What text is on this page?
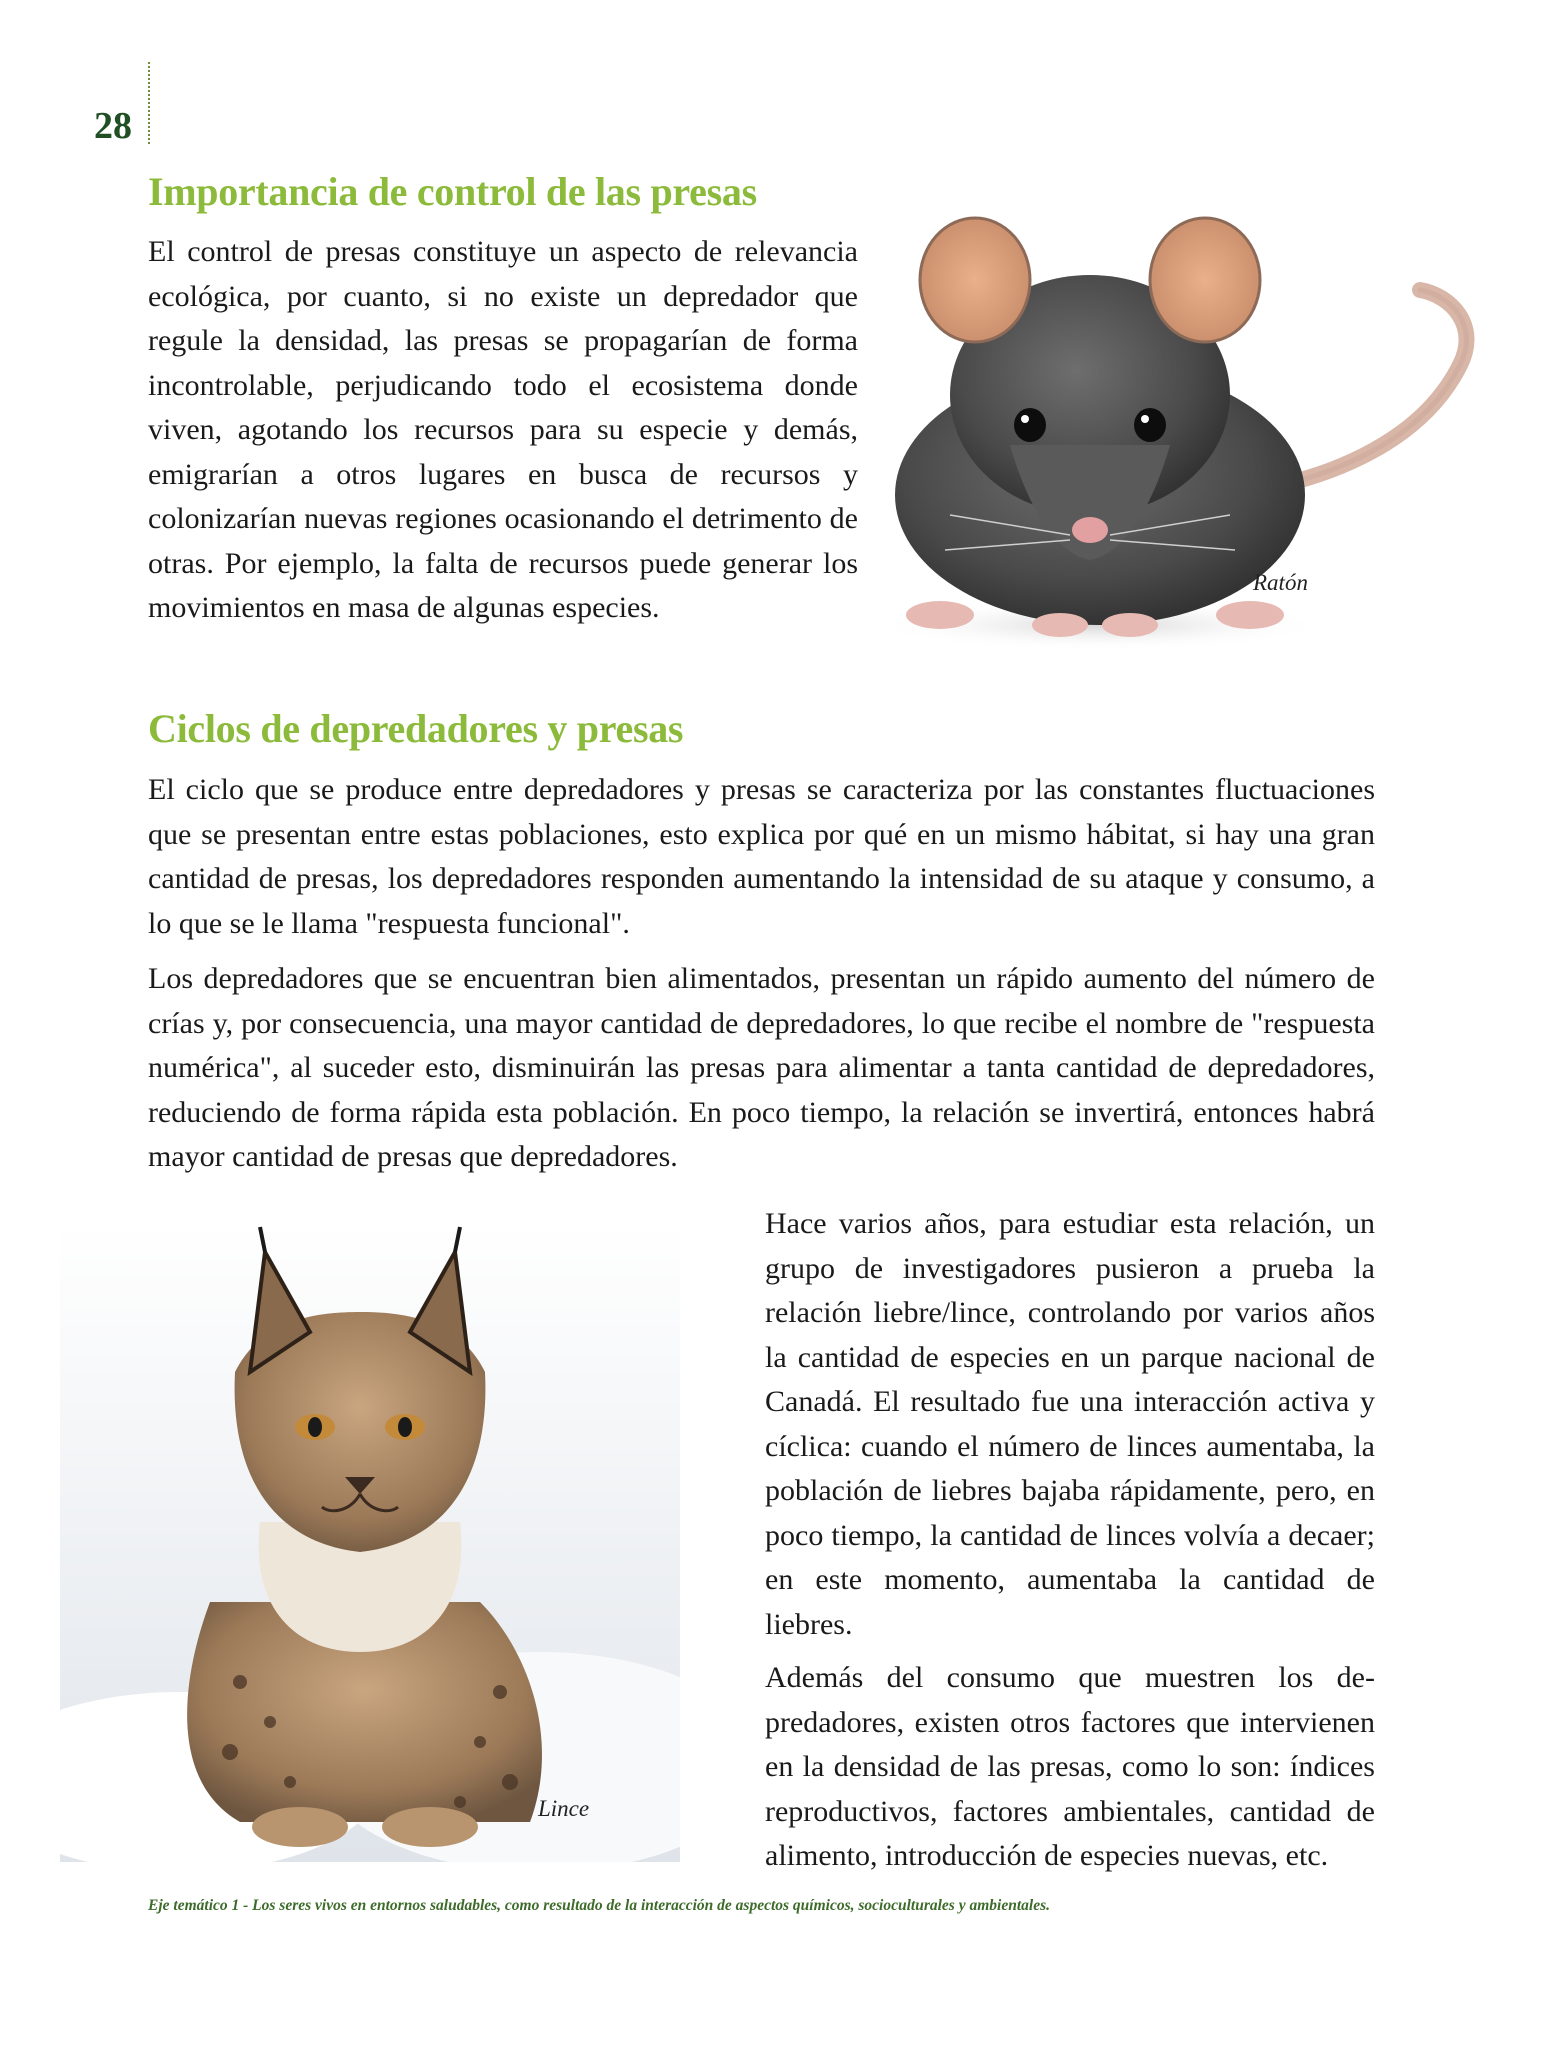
28
Importancia de control de las presas

El control de presas constituye un aspecto de relevancia ecológica, por cuanto, si no existe un depredador que regule la densidad, las presas se propagarían de forma incontrolable, perjudicando todo el ecosistema donde viven, agotando los recursos para su especie y demás, emigrarían a otros lugares en busca de recursos y colonizarían nuevas regiones ocasionando el detrimento de otras. Por ejemplo, la falta de recursos puede generar los movimientos en masa de algunas especies.

Ratón
Ciclos de depredadores y presas

El ciclo que se produce entre depredadores y presas se caracteriza por las constantes fluctuaciones que se presentan entre estas poblaciones, esto explica por qué en un mismo hábitat, si hay una gran cantidad de presas, los depredadores responden aumentando la intensidad de su ataque y consumo, a lo que se le llama "respuesta funcional".

Los depredadores que se encuentran bien alimentados, presentan un rápido aumento del número de crías y, por consecuencia, una mayor cantidad de depredadores, lo que recibe el nombre de "respuesta numérica", al suceder esto, disminuirán las presas para alimentar a tanta cantidad de depredadores, reduciendo de forma rápida esta población. En poco tiempo, la relación se invertirá, entonces habrá mayor cantidad de presas que depredadores.

Lince

Hace varios años, para estudiar esta relación, un grupo de investigadores pusieron a prueba la relación liebre/lince, controlando por varios años la cantidad de especies en un parque nacional de Canadá. El resultado fue una interacción activa y cíclica: cuando el número de linces aumentaba, la población de liebres bajaba rápidamente, pero, en poco tiempo, la cantidad de linces volvía a decaer; en este momento, aumentaba la cantidad de liebres.

Además del consumo que muestren los depredadores, existen otros factores que intervienen en la densidad de las presas, como lo son: índices reproductivos, factores ambientales, cantidad de alimento, introducción de especies nuevas, etc.

Eje temático 1 - Los seres vivos en entornos saludables, como resultado de la interacción de aspectos químicos, socioculturales y ambientales.
